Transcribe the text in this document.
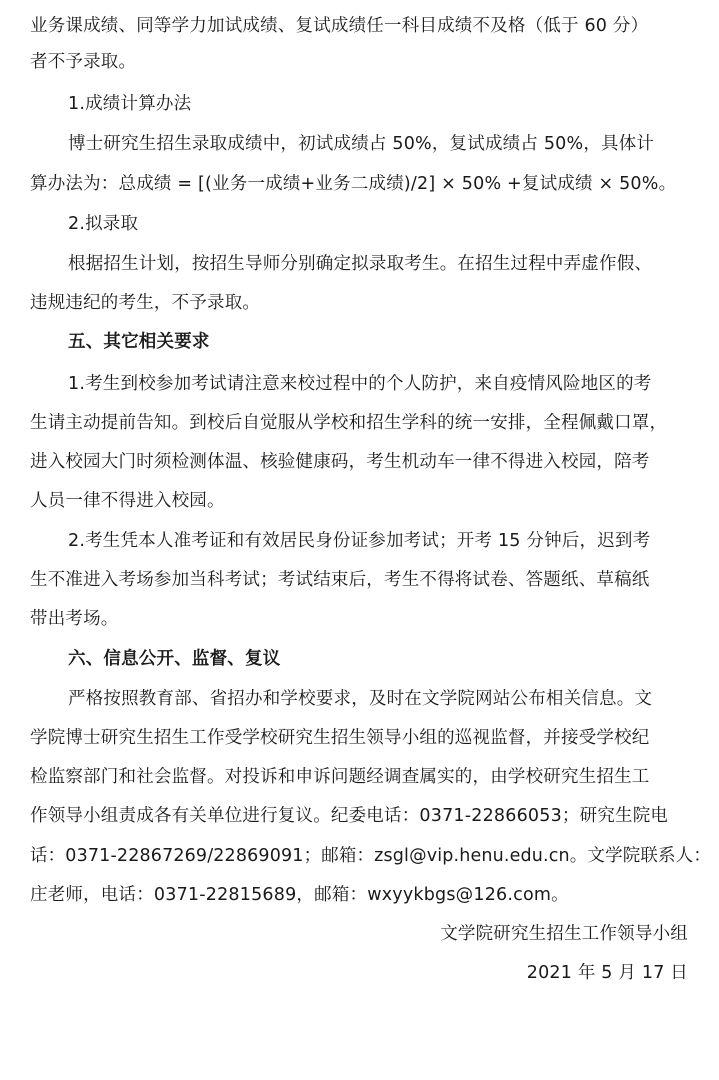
业务课成绩、同等学力加试成绩、复试成绩任一科目成绩不及格（低于 60 分）
者不予录取。
1.成绩计算办法
博士研究生招生录取成绩中，初试成绩占 50%，复试成绩占 50%，具体计
算办法为：总成绩 = [(业务一成绩+业务二成绩)/2] × 50% +复试成绩 × 50%。
2.拟录取
根据招生计划，按招生导师分别确定拟录取考生。在招生过程中弄虚作假、
违规违纪的考生，不予录取。
五、其它相关要求
1.考生到校参加考试请注意来校过程中的个人防护，来自疫情风险地区的考
生请主动提前告知。到校后自觉服从学校和招生学科的统一安排，全程佩戴口罩，
进入校园大门时须检测体温、核验健康码，考生机动车一律不得进入校园，陪考
人员一律不得进入校园。
2.考生凭本人准考证和有效居民身份证参加考试；开考 15 分钟后，迟到考
生不准进入考场参加当科考试；考试结束后，考生不得将试卷、答题纸、草稿纸
带出考场。
六、信息公开、监督、复议
严格按照教育部、省招办和学校要求，及时在文学院网站公布相关信息。文
学院博士研究生招生工作受学校研究生招生领导小组的巡视监督，并接受学校纪
检监察部门和社会监督。对投诉和申诉问题经调查属实的，由学校研究生招生工
作领导小组责成各有关单位进行复议。纪委电话：0371-22866053；研究生院电
话：0371-22867269/22869091；邮箱：zsgl@vip.henu.edu.cn。文学院联系人：
庄老师，电话：0371-22815689，邮箱：wxyykbgs@126.com。
文学院研究生招生工作领导小组
2021 年 5 月 17 日
